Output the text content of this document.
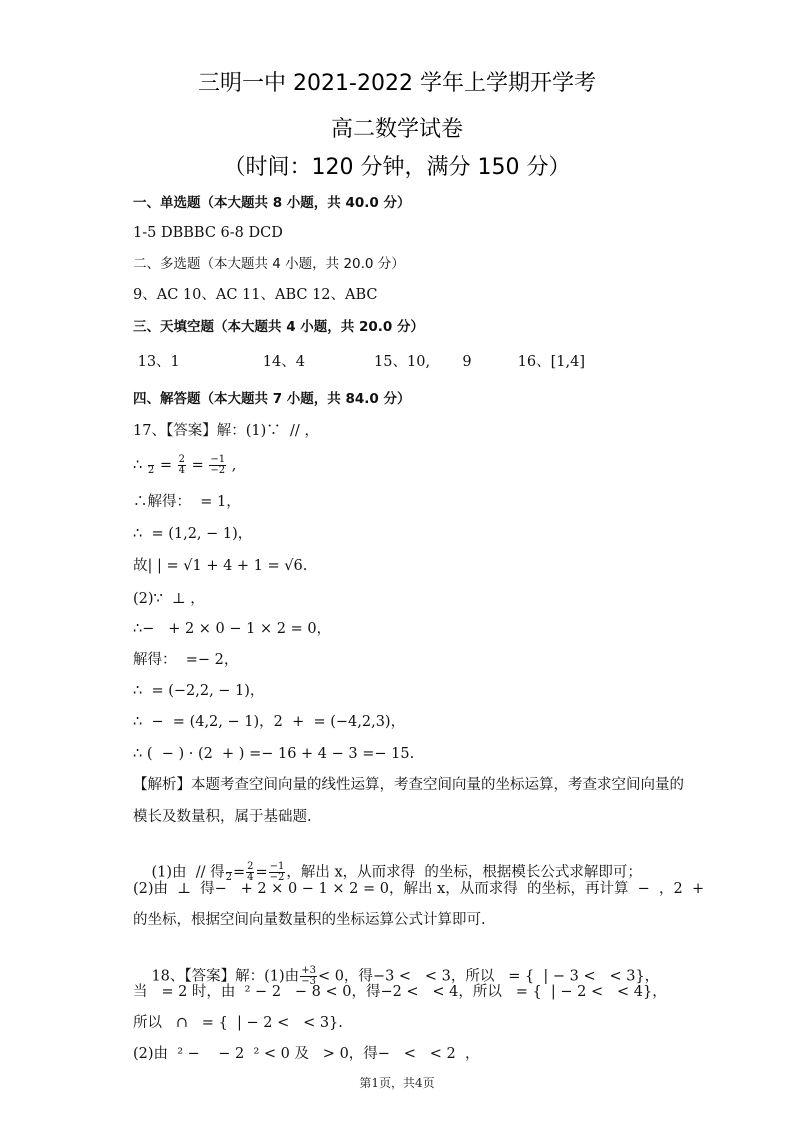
三明一中 2021-2022 学年上学期开学考
高二数学试卷
（时间：120 分钟，满分 150 分）
一、单选题（本大题共 8 小题，共 40.0 分）
1-5 DBBBC 6-8 DCD
二、多选题（本大题共 4 小题，共 20.0 分）
9、AC 10、AC 11、ABC 12、ABC
三、天填空题（本大题共 4 小题，共 20.0 分）
13、1                  14、4               15、10,       9          16、[1,4]
四、解答题（本大题共 7 小题，共 84.0 分）
17、【答案】解：(1)∵  // ，
∴
$2 = \frac{2}{4} = \frac{-1}{-2}$ ,
∴解得：  = 1，
∴  = (1,2, − 1)，
故| | = √1 + 4 + 1 = √6.
(2)∵  ⊥ ，
∴−   + 2 × 0 − 1 × 2 = 0，
解得：  =− 2，
∴  = (−2,2, − 1)，
∴  −  = (4,2, − 1)，2  +  = (−4,2,3)，
∴ (  − ) · (2  + ) =− 16 + 4 − 3 =− 15.
【解析】本题考查空间向量的线性运算，考查空间向量的坐标运算，考查求空间向量的
模长及数量积，属于基础题.

(1)由  // 得
$2 = \frac{2}{4} = \frac{-1}{-2}$ ，解出 x，从而求得  的坐标，根据模长公式求解即可；

(2)由  ⊥  得−   + 2 × 0 − 1 × 2 = 0，解出 x，从而求得  的坐标，再计算  −  ，2  +
的坐标，根据空间向量数量积的坐标运算公式计算即可.

18、【答案】解：(1)由 $\frac{+3}{-3} < 0$，得−3 <   < 3，所以   = {  | − 3 <   < 3}，

当   = 2 时，由  ² − 2   − 8 < 0，得−2 <   < 4，所以   = {  | − 2 <   < 4}，
所以   ∩   = {  | − 2 <   < 3}.
(2)由  ² −    − 2  ² < 0 及   > 0，得−   <   < 2  ，
第1页，共4页
